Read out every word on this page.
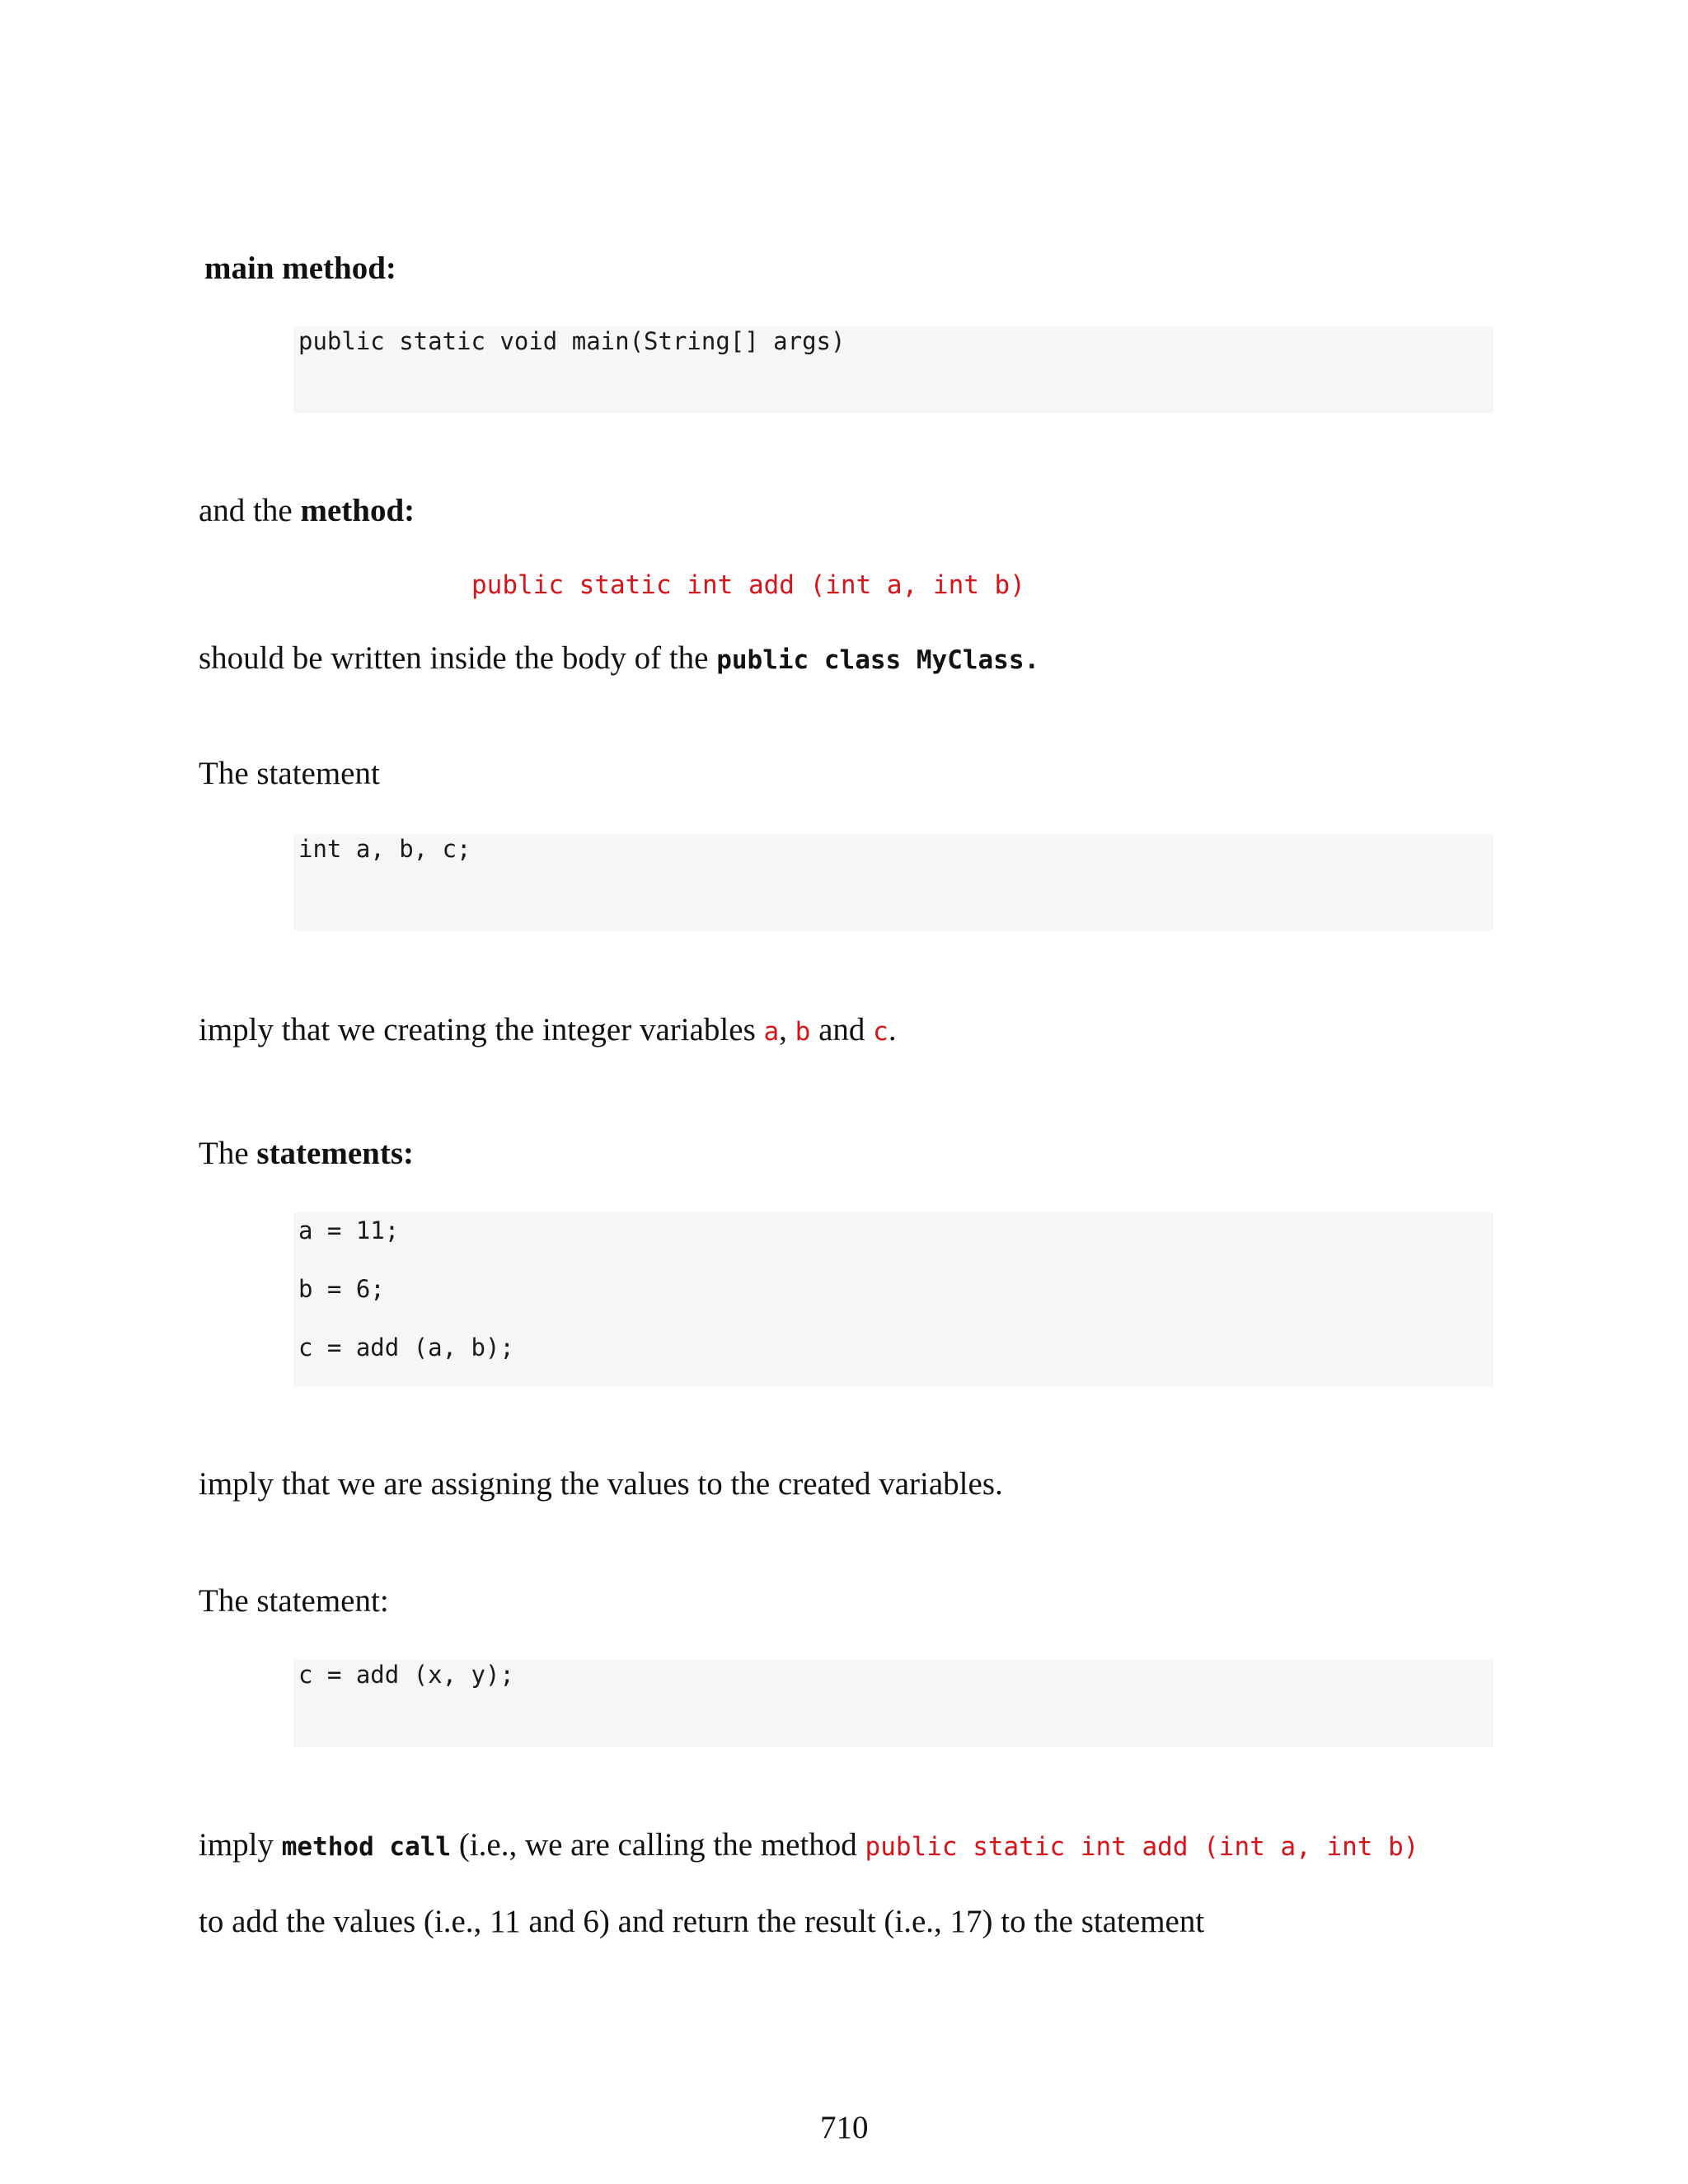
main method:
public static void main(String[] args)
and the method:
public static int add (int a, int b)
should be written inside the body of the public class MyClass.
The statement
int a, b, c;
imply that we creating the integer variables a, b and c.
The statements:
a = 11;
b = 6;
c = add (a, b);
imply that we are assigning the values to the created variables.
The statement:
c = add (x, y);
imply method call (i.e., we are calling the method public static int add (int a, int b)
to add the values (i.e., 11 and 6) and return the result (i.e., 17) to the statement
710
